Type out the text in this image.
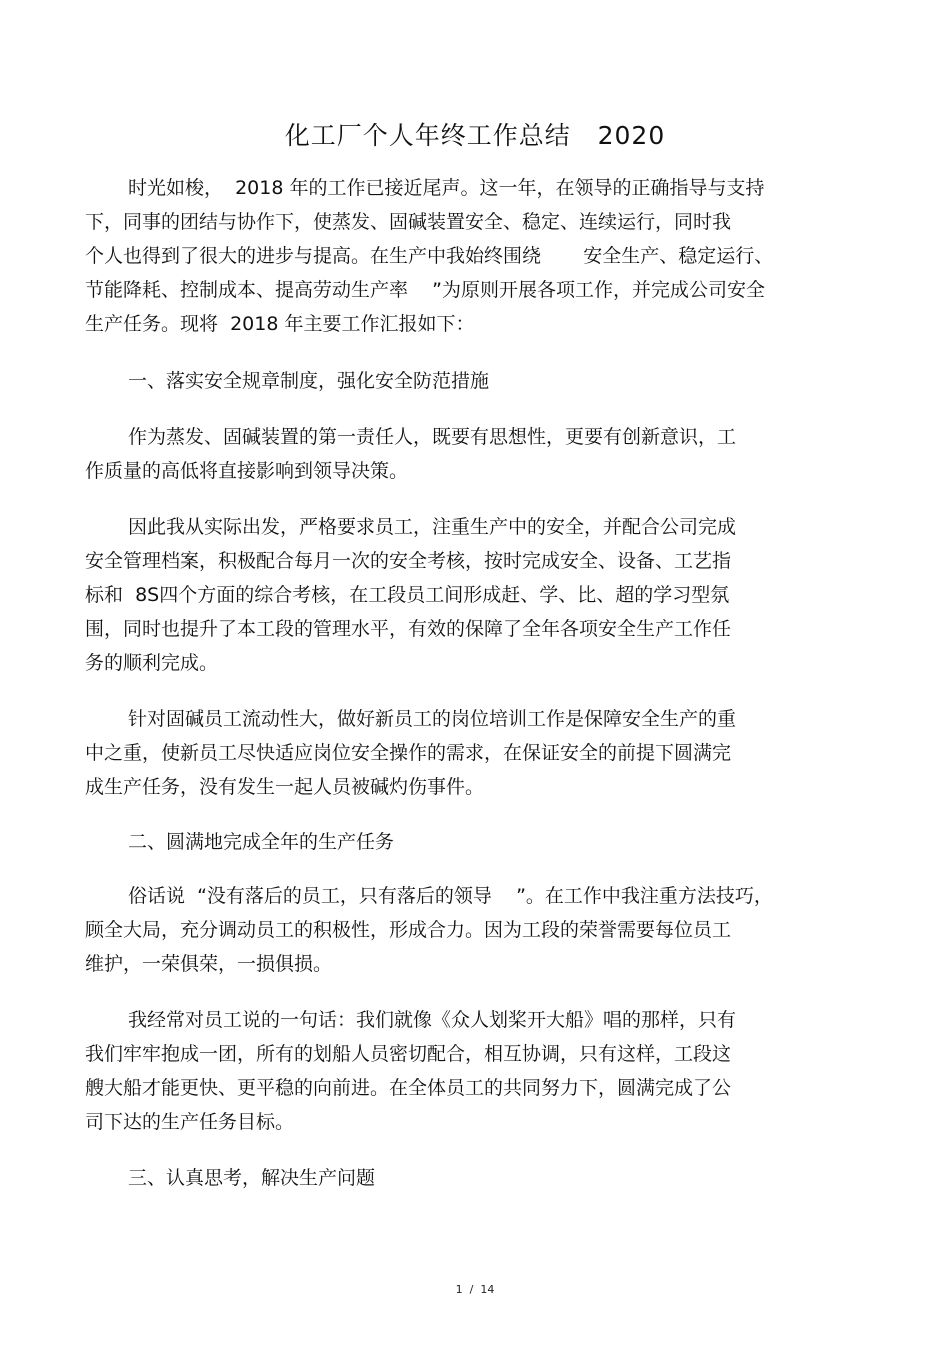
化工厂个人年终工作总结   2020
时光如梭，  2018 年的工作已接近尾声。这一年，在领导的正确指导与支持
下，同事的团结与协作下，使蒸发、固碱装置安全、稳定、连续运行，同时我
个人也得到了很大的进步与提高。在生产中我始终围绕       安全生产、稳定运行、
节能降耗、控制成本、提高劳动生产率    ”为原则开展各项工作，并完成公司安全
生产任务。现将  2018 年主要工作汇报如下：
一、落实安全规章制度，强化安全防范措施
作为蒸发、固碱装置的第一责任人，既要有思想性，更要有创新意识，工
作质量的高低将直接影响到领导决策。
因此我从实际出发，严格要求员工，注重生产中的安全，并配合公司完成
安全管理档案，积极配合每月一次的安全考核，按时完成安全、设备、工艺指
标和  8S四个方面的综合考核，在工段员工间形成赶、学、比、超的学习型氛
围，同时也提升了本工段的管理水平，有效的保障了全年各项安全生产工作任
务的顺利完成。
针对固碱员工流动性大，做好新员工的岗位培训工作是保障安全生产的重
中之重，使新员工尽快适应岗位安全操作的需求，在保证安全的前提下圆满完
成生产任务，没有发生一起人员被碱灼伤事件。
二、圆满地完成全年的生产任务
俗话说  “没有落后的员工，只有落后的领导    ”。在工作中我注重方法技巧，
顾全大局，充分调动员工的积极性，形成合力。因为工段的荣誉需要每位员工
维护，一荣俱荣，一损俱损。
我经常对员工说的一句话：我们就像《众人划桨开大船》唱的那样，只有
我们牢牢抱成一团，所有的划船人员密切配合，相互协调，只有这样，工段这
艘大船才能更快、更平稳的向前进。在全体员工的共同努力下，圆满完成了公
司下达的生产任务目标。
三、认真思考，解决生产问题
1  /  14
